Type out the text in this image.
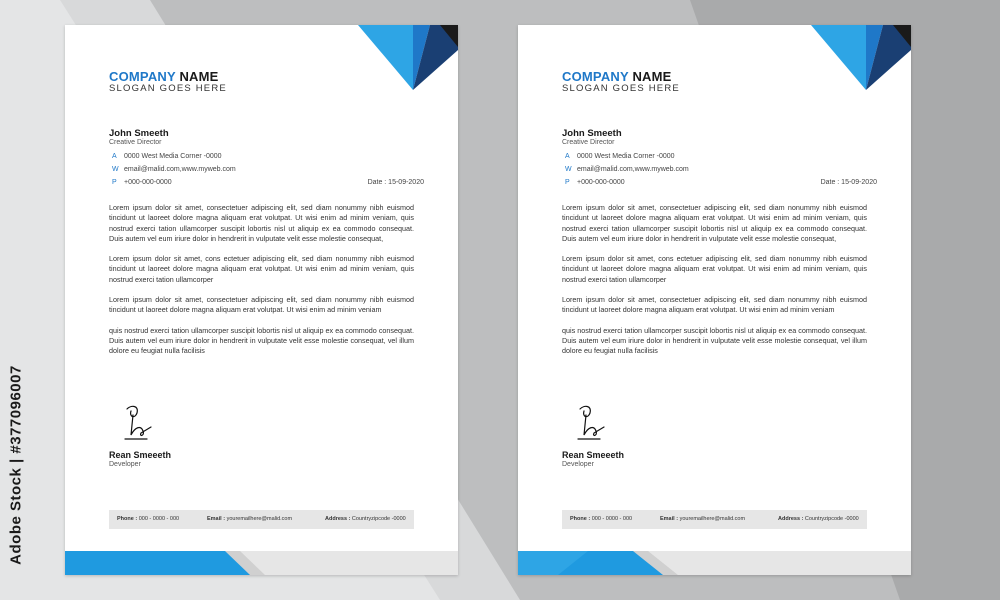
Adobe Stock | #377096007
COMPANY NAME
SLOGAN GOES HERE
John Smeeth
Creative Director
A 0000 West Media Corner -0000
W email@malid.com,www.myweb.com
P +000-000-0000	Date : 15-09-2020

Lorem ipsum dolor sit amet, consectetuer adipiscing elit, sed diam nonummy nibh euismod tincidunt ut laoreet dolore magna aliquam erat volutpat. Ut wisi enim ad minim veniam, quis nostrud exerci tation ullamcorper suscipit lobortis nisl ut aliquip ex ea commodo consequat. Duis autem vel eum iriure dolor in hendrerit in vulputate velit esse molestie consequat,

Lorem ipsum dolor sit amet, cons ectetuer adipiscing elit, sed diam nonummy nibh euismod tincidunt ut laoreet dolore magna aliquam erat volutpat. Ut wisi enim ad minim veniam, quis nostrud exerci tation ullamcorper

Lorem ipsum dolor sit amet, consectetuer adipiscing elit, sed diam nonummy nibh euismod tincidunt ut laoreet dolore magna aliquam erat volutpat. Ut wisi enim ad minim veniam

quis nostrud exerci tation ullamcorper suscipit lobortis nisl ut aliquip ex ea commodo consequat. Duis autem vel eum iriure dolor in hendrerit in vulputate velit esse molestie consequat, vel illum dolore eu feugiat nulla facilisis

Rean Smeeeth
Developer
Phone : 000 - 0000 - 000	Email : youremailhere@malid.com	Address : Countryzipcode -0000
COMPANY NAME
SLOGAN GOES HERE
John Smeeth
Creative Director
A 0000 West Media Corner -0000
W email@malid.com,www.myweb.com
P +000-000-0000	Date : 15-09-2020

Lorem ipsum dolor sit amet, consectetuer adipiscing elit, sed diam nonummy nibh euismod tincidunt ut laoreet dolore magna aliquam erat volutpat. Ut wisi enim ad minim veniam, quis nostrud exerci tation ullamcorper suscipit lobortis nisl ut aliquip ex ea commodo consequat. Duis autem vel eum iriure dolor in hendrerit in vulputate velit esse molestie consequat,

Lorem ipsum dolor sit amet, cons ectetuer adipiscing elit, sed diam nonummy nibh euismod tincidunt ut laoreet dolore magna aliquam erat volutpat. Ut wisi enim ad minim veniam, quis nostrud exerci tation ullamcorper

Lorem ipsum dolor sit amet, consectetuer adipiscing elit, sed diam nonummy nibh euismod tincidunt ut laoreet dolore magna aliquam erat volutpat. Ut wisi enim ad minim veniam

quis nostrud exerci tation ullamcorper suscipit lobortis nisl ut aliquip ex ea commodo consequat. Duis autem vel eum iriure dolor in hendrerit in vulputate velit esse molestie consequat, vel illum dolore eu feugiat nulla facilisis

Rean Smeeeth
Developer
Phone : 000 - 0000 - 000	Email : youremailhere@malid.com	Address : Countryzipcode -0000
